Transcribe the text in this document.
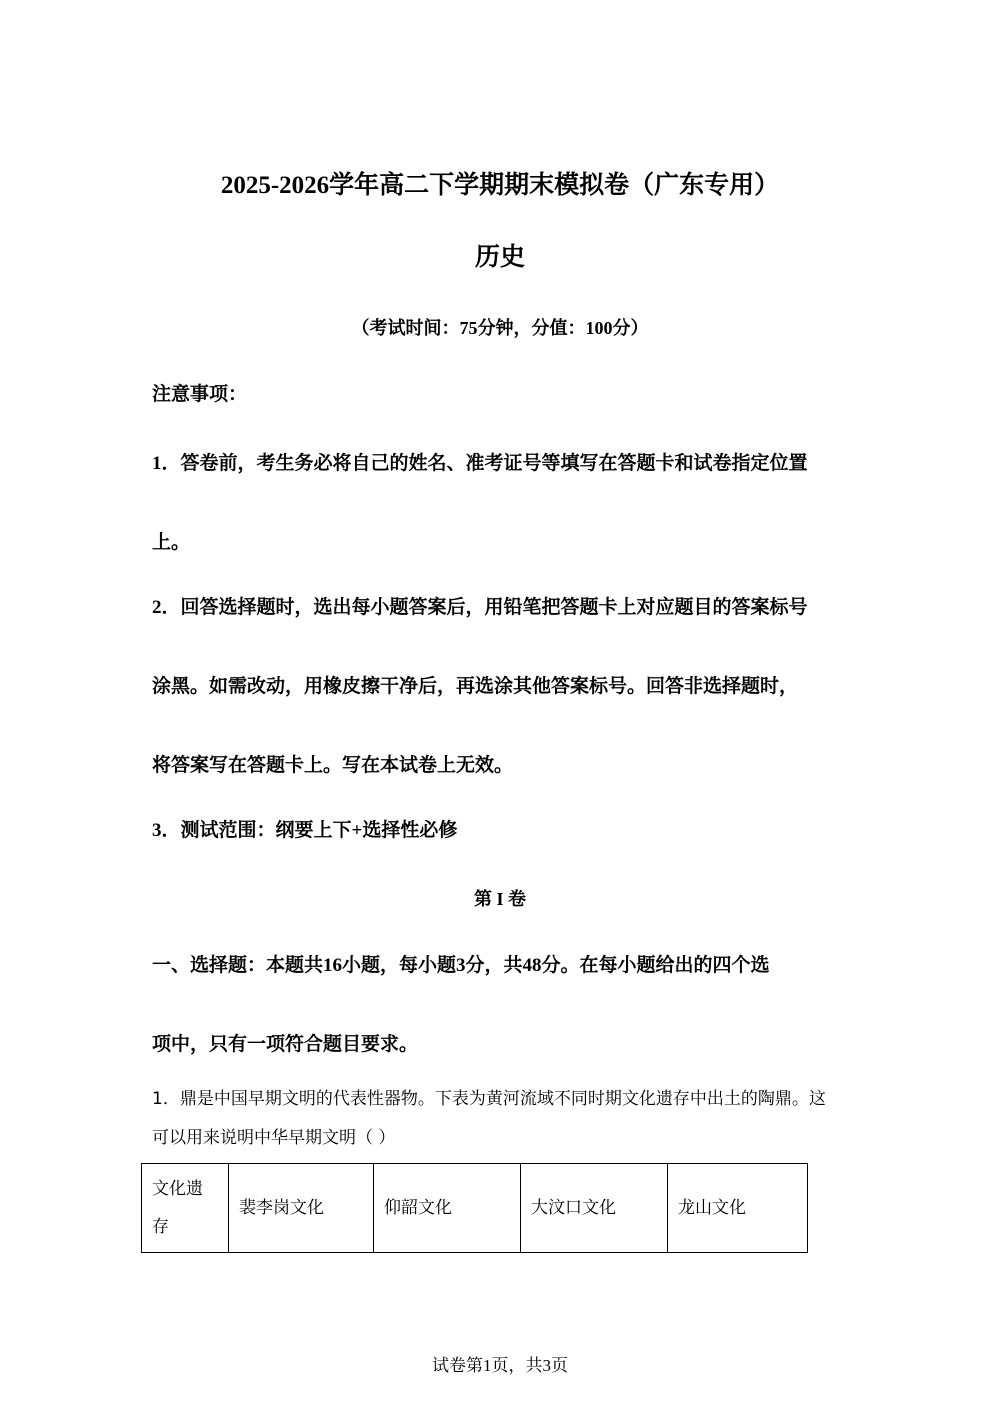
2025-2026学年高二下学期期末模拟卷（广东专用）

历史

（考试时间：75分钟，分值：100分）

注意事项：

1．答卷前，考生务必将自己的姓名、准考证号等填写在答题卡和试卷指定位置

上。

2．回答选择题时，选出每小题答案后，用铅笔把答题卡上对应题目的答案标号

涂黑。如需改动，用橡皮擦干净后，再选涂其他答案标号。回答非选择题时，

将答案写在答题卡上。写在本试卷上无效。

3．测试范围：纲要上下+选择性必修

第 I 卷

一、选择题：本题共16小题，每小题3分，共48分。在每小题给出的四个选

项中，只有一项符合题目要求。

1．鼎是中国早期文明的代表性器物。下表为黄河流域不同时期文化遗存中出土的陶鼎。这

可以用来说明中华早期文明（ ）

文化遗存	裴李岗文化	仰韶文化	大汶口文化	龙山文化

试卷第1页，共3页
